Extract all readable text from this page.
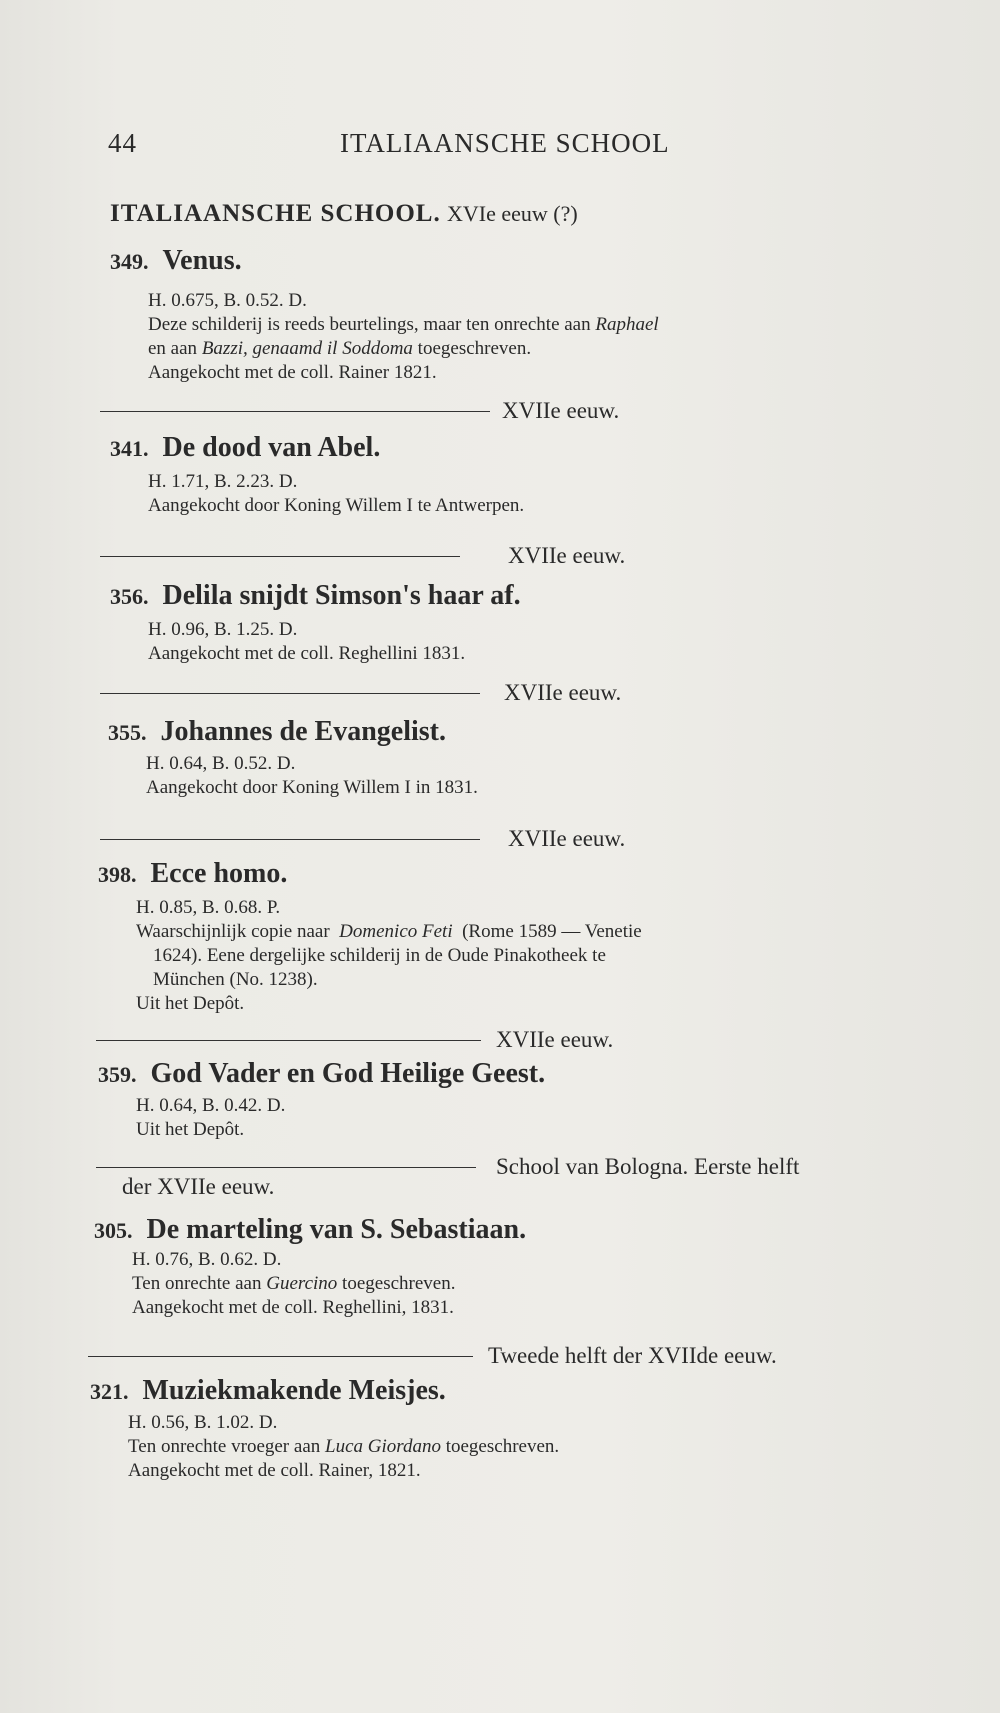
44	ITALIAANSCHE SCHOOL
ITALIAANSCHE SCHOOL. XVIe eeuw (?)
349. Venus.
H. 0.675, B. 0.52. D.
Deze schilderij is reeds beurtelings, maar ten onrechte aan Raphael
en aan Bazzi, genaamd il Soddoma toegeschreven.
Aangekocht met de coll. Rainer 1821.
XVIIe eeuw.
341. De dood van Abel.
H. 1.71, B. 2.23. D.
Aangekocht door Koning Willem I te Antwerpen.
XVIIe eeuw.
356. Delila snijdt Simson's haar af.
H. 0.96, B. 1.25. D.
Aangekocht met de coll. Reghellini 1831.
XVIIe eeuw.
355. Johannes de Evangelist.
H. 0.64, B. 0.52. D.
Aangekocht door Koning Willem I in 1831.
XVIIe eeuw.
398. Ecce homo.
H. 0.85, B. 0.68. P.
Waarschijnlijk copie naar Domenico Feti (Rome 1589 — Venetie
1624). Eene dergelijke schilderij in de Oude Pinakotheek te
München (No. 1238).
Uit het Depôt.
XVIIe eeuw.
359. God Vader en God Heilige Geest.
H. 0.64, B. 0.42. D.
Uit het Depôt.
School van Bologna. Eerste helft
der XVIIe eeuw.
305. De marteling van S. Sebastiaan.
H. 0.76, B. 0.62. D.
Ten onrechte aan Guercino toegeschreven.
Aangekocht met de coll. Reghellini, 1831.
Tweede helft der XVIIde eeuw.
321. Muziekmakende Meisjes.
H. 0.56, B. 1.02. D.
Ten onrechte vroeger aan Luca Giordano toegeschreven.
Aangekocht met de coll. Rainer, 1821.
